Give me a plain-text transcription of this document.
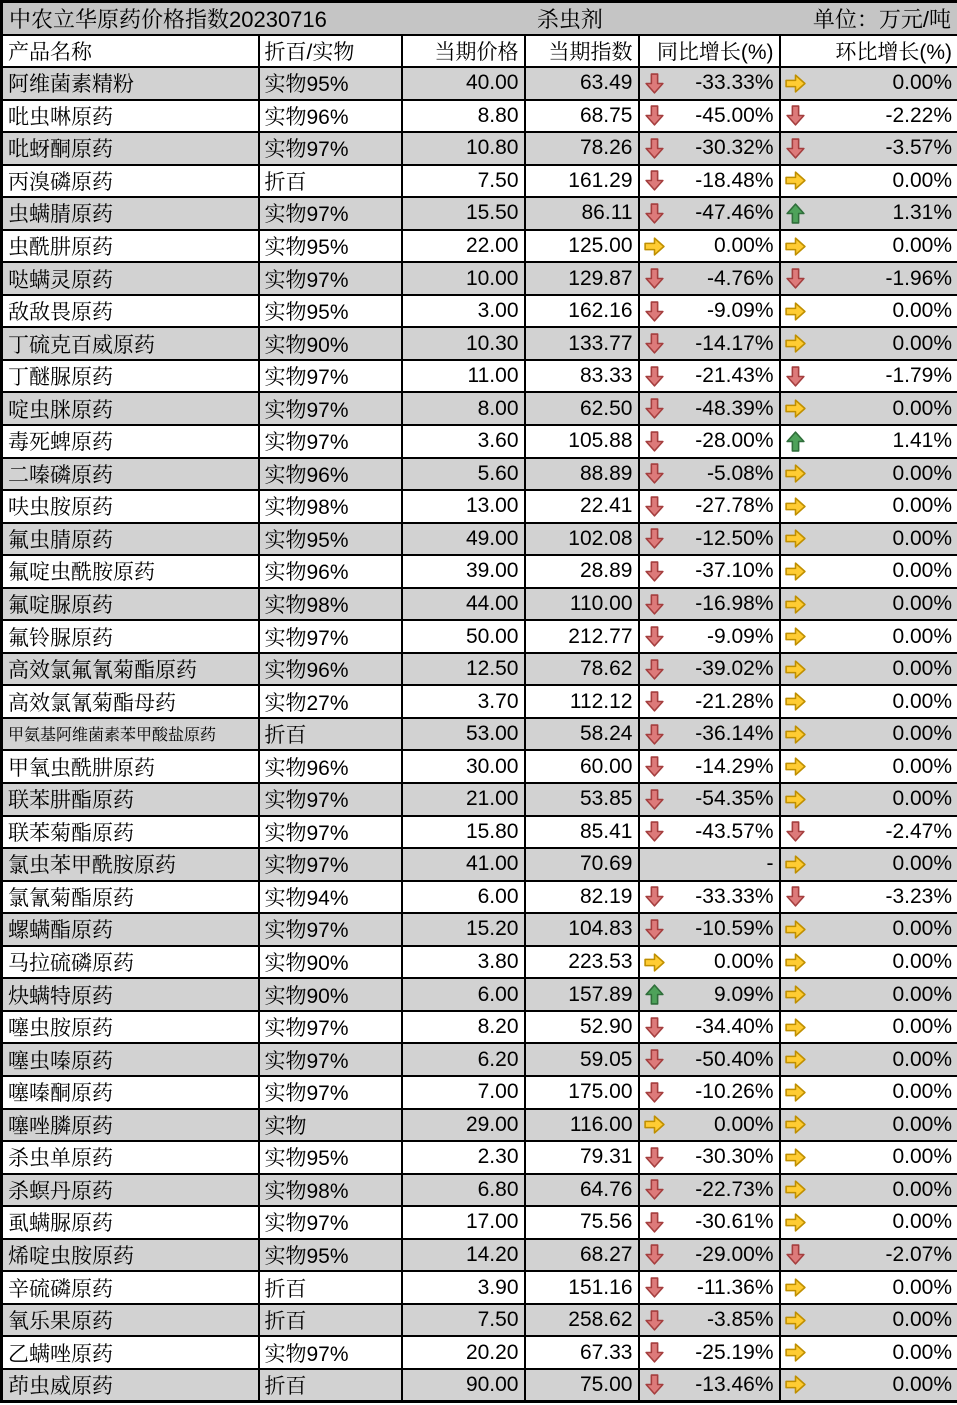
中农立华原药价格指数20230716 杀虫剂 单位：万元/吨					

产品名称	折百/实物	当期价格	当期指数	同比增长(%)	环比增长(%)
阿维菌素精粉	实物95%	40.00	63.49	-33.33%	0.00%

吡虫啉原药	实物96%	8.80	68.75	-45.00%	-2.22%

吡蚜酮原药	实物97%	10.80	78.26	-30.32%	-3.57%

丙溴磷原药	折百	7.50	161.29	-18.48%	0.00%

虫螨腈原药	实物97%	15.50	86.11	-47.46%	1.31%

虫酰肼原药	实物95%	22.00	125.00	0.00%	0.00%

哒螨灵原药	实物97%	10.00	129.87	-4.76%	-1.96%

敌敌畏原药	实物95%	3.00	162.16	-9.09%	0.00%

丁硫克百威原药	实物90%	10.30	133.77	-14.17%	0.00%

丁醚脲原药	实物97%	11.00	83.33	-21.43%	-1.79%

啶虫脒原药	实物97%	8.00	62.50	-48.39%	0.00%

毒死蜱原药	实物97%	3.60	105.88	-28.00%	1.41%

二嗪磷原药	实物96%	5.60	88.89	-5.08%	0.00%

呋虫胺原药	实物98%	13.00	22.41	-27.78%	0.00%

氟虫腈原药	实物95%	49.00	102.08	-12.50%	0.00%

氟啶虫酰胺原药	实物96%	39.00	28.89	-37.10%	0.00%

氟啶脲原药	实物98%	44.00	110.00	-16.98%	0.00%

氟铃脲原药	实物97%	50.00	212.77	-9.09%	0.00%

高效氯氟氰菊酯原药	实物96%	12.50	78.62	-39.02%	0.00%

高效氯氰菊酯母药	实物27%	3.70	112.12	-21.28%	0.00%

甲氨基阿维菌素苯甲酸盐原药	折百	53.00	58.24	-36.14%	0.00%

甲氧虫酰肼原药	实物96%	30.00	60.00	-14.29%	0.00%

联苯肼酯原药	实物97%	21.00	53.85	-54.35%	0.00%

联苯菊酯原药	实物97%	15.80	85.41	-43.57%	-2.47%

氯虫苯甲酰胺原药	实物97%	41.00	70.69	-	0.00%

氯氰菊酯原药	实物94%	6.00	82.19	-33.33%	-3.23%

螺螨酯原药	实物97%	15.20	104.83	-10.59%	0.00%

马拉硫磷原药	实物90%	3.80	223.53	0.00%	0.00%

炔螨特原药	实物90%	6.00	157.89	9.09%	0.00%

噻虫胺原药	实物97%	8.20	52.90	-34.40%	0.00%

噻虫嗪原药	实物97%	6.20	59.05	-50.40%	0.00%

噻嗪酮原药	实物97%	7.00	175.00	-10.26%	0.00%

噻唑膦原药	实物	29.00	116.00	0.00%	0.00%

杀虫单原药	实物95%	2.30	79.31	-30.30%	0.00%

杀螟丹原药	实物98%	6.80	64.76	-22.73%	0.00%

虱螨脲原药	实物97%	17.00	75.56	-30.61%	0.00%

烯啶虫胺原药	实物95%	14.20	68.27	-29.00%	-2.07%

辛硫磷原药	折百	3.90	151.16	-11.36%	0.00%

氧乐果原药	折百	7.50	258.62	-3.85%	0.00%

乙螨唑原药	实物97%	20.20	67.33	-25.19%	0.00%

茚虫威原药	折百	90.00	75.00	-13.46%	0.00%
